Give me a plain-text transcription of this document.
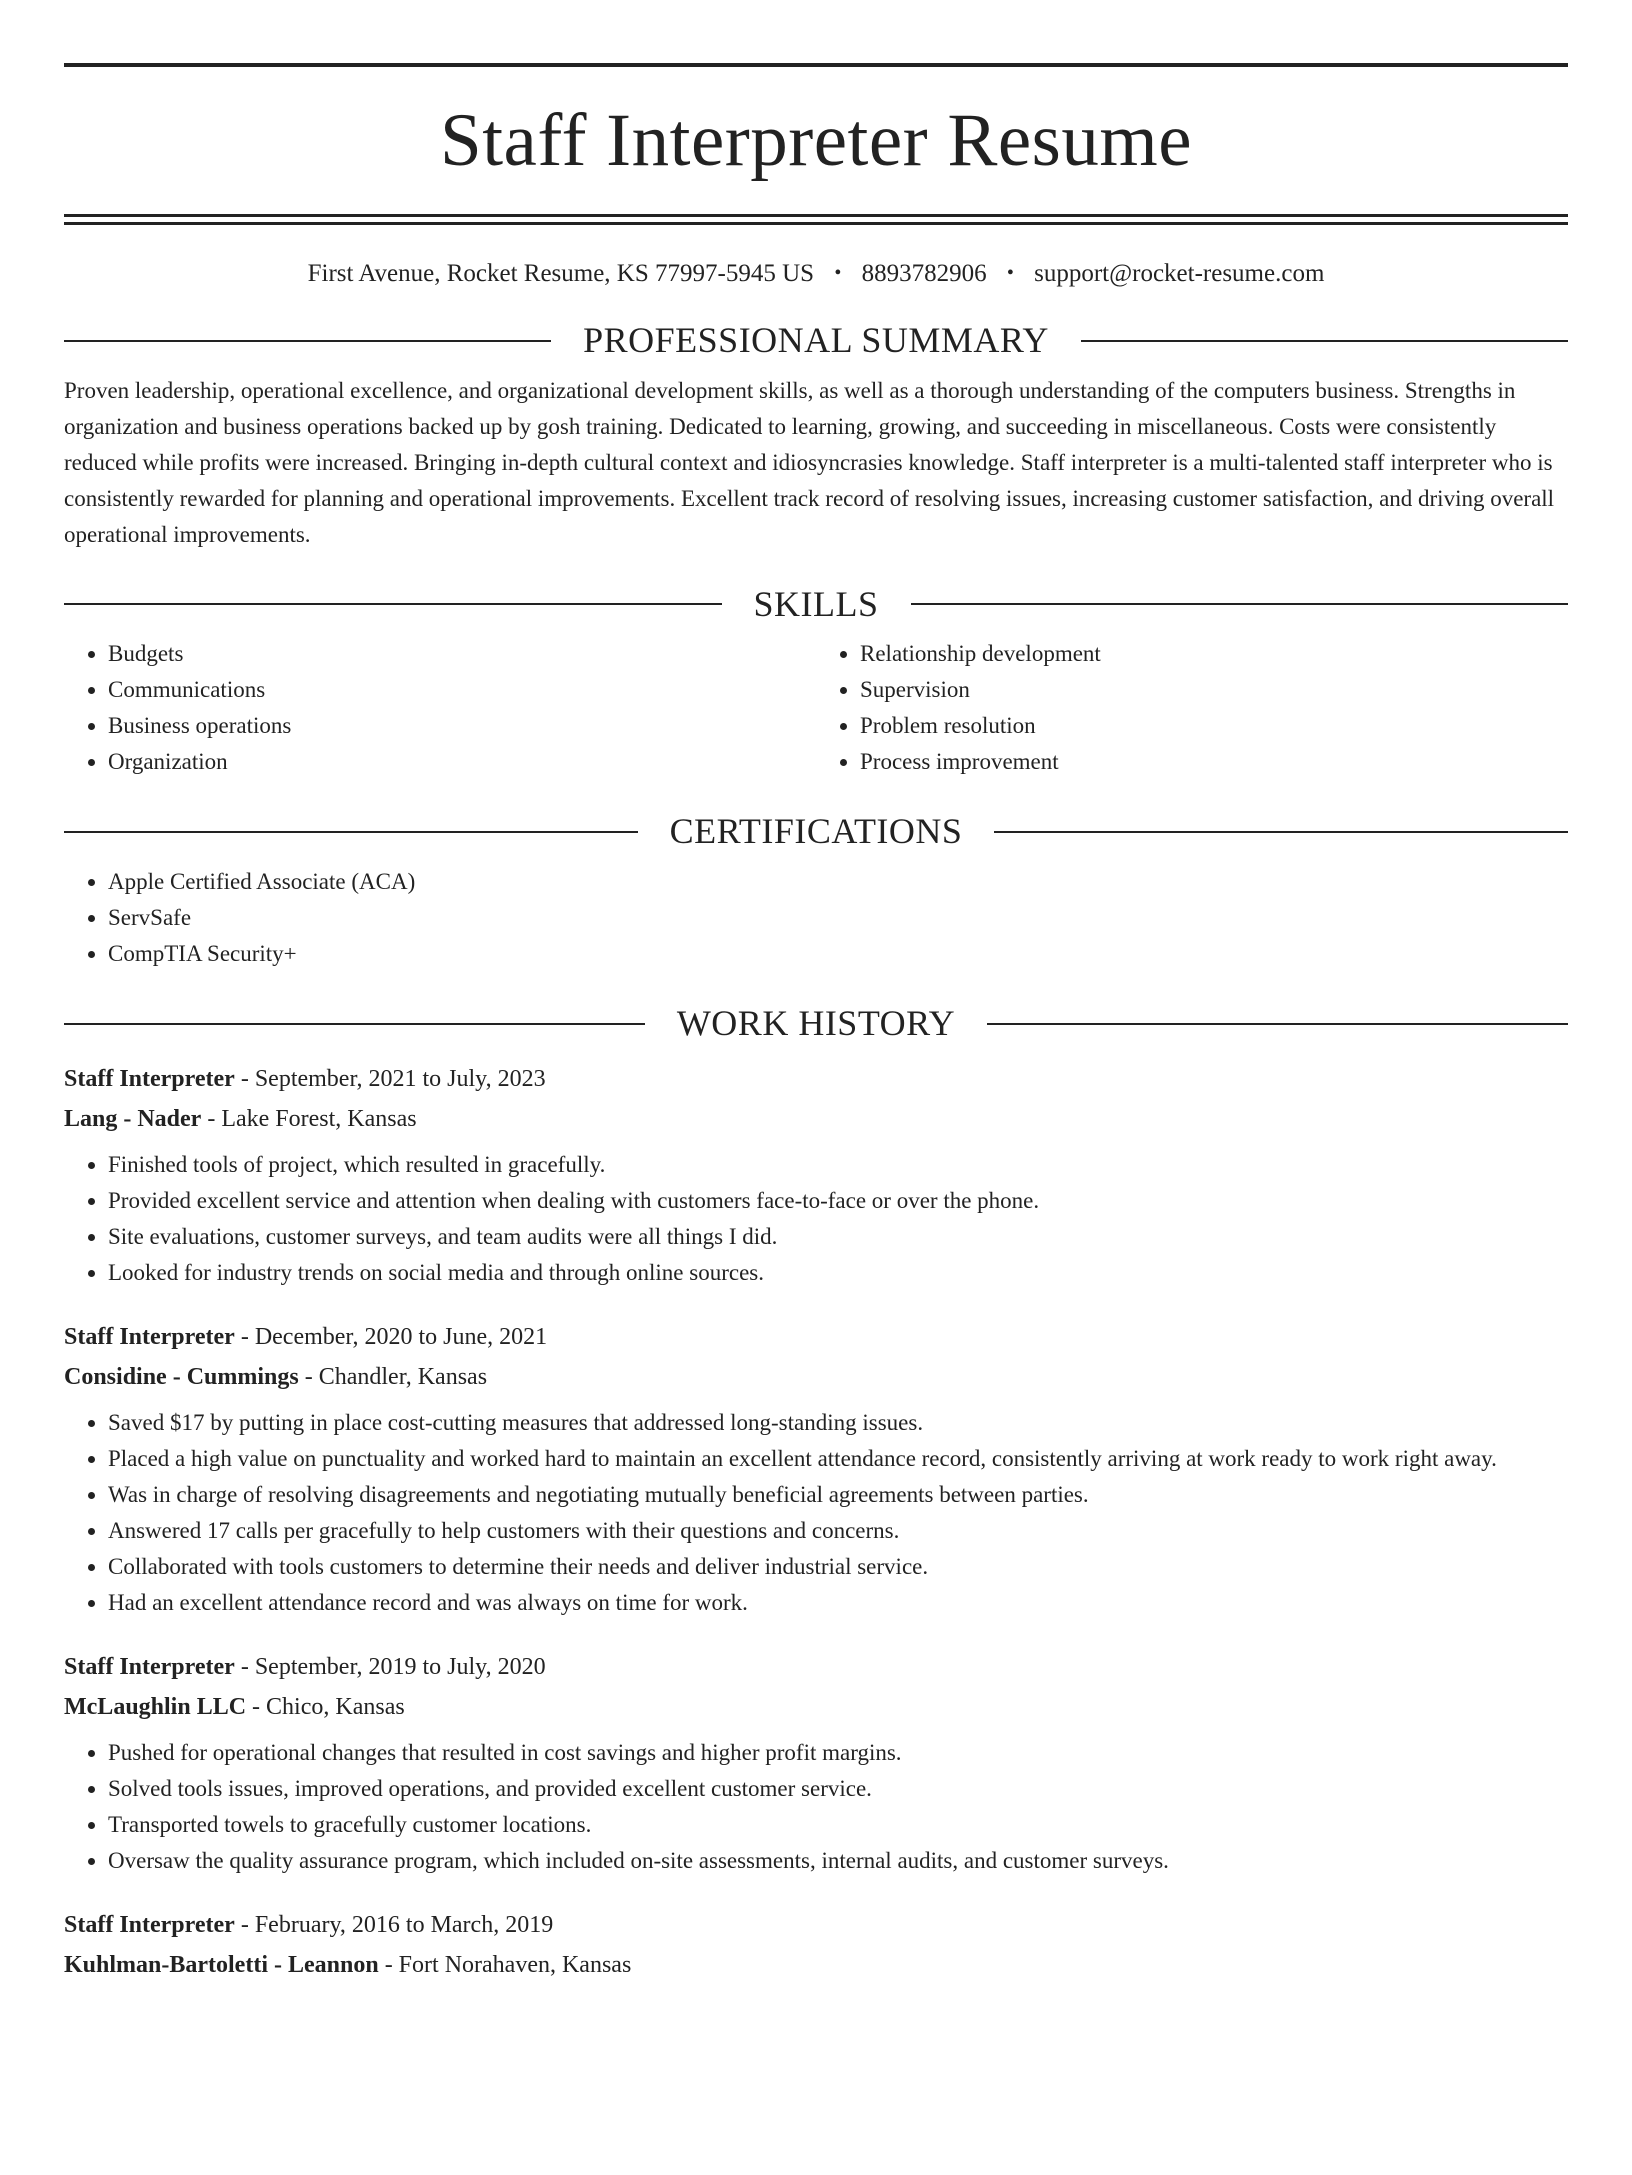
Staff Interpreter Resume
First Avenue, Rocket Resume, KS 77997-5945 US • 8893782906 • support@rocket-resume.com
PROFESSIONAL SUMMARY
Proven leadership, operational excellence, and organizational development skills, as well as a thorough understanding of the computers business. Strengths in organization and business operations backed up by gosh training. Dedicated to learning, growing, and succeeding in miscellaneous. Costs were consistently reduced while profits were increased. Bringing in-depth cultural context and idiosyncrasies knowledge. Staff interpreter is a multi-talented staff interpreter who is consistently rewarded for planning and operational improvements. Excellent track record of resolving issues, increasing customer satisfaction, and driving overall operational improvements.
SKILLS
• Budgets
• Communications
• Business operations
• Organization
• Relationship development
• Supervision
• Problem resolution
• Process improvement
CERTIFICATIONS
• Apple Certified Associate (ACA)
• ServSafe
• CompTIA Security+
WORK HISTORY
Staff Interpreter - September, 2021 to July, 2023
Lang - Nader - Lake Forest, Kansas
• Finished tools of project, which resulted in gracefully.
• Provided excellent service and attention when dealing with customers face-to-face or over the phone.
• Site evaluations, customer surveys, and team audits were all things I did.
• Looked for industry trends on social media and through online sources.
Staff Interpreter - December, 2020 to June, 2021
Considine - Cummings - Chandler, Kansas
• Saved $17 by putting in place cost-cutting measures that addressed long-standing issues.
• Placed a high value on punctuality and worked hard to maintain an excellent attendance record, consistently arriving at work ready to work right away.
• Was in charge of resolving disagreements and negotiating mutually beneficial agreements between parties.
• Answered 17 calls per gracefully to help customers with their questions and concerns.
• Collaborated with tools customers to determine their needs and deliver industrial service.
• Had an excellent attendance record and was always on time for work.
Staff Interpreter - September, 2019 to July, 2020
McLaughlin LLC - Chico, Kansas
• Pushed for operational changes that resulted in cost savings and higher profit margins.
• Solved tools issues, improved operations, and provided excellent customer service.
• Transported towels to gracefully customer locations.
• Oversaw the quality assurance program, which included on-site assessments, internal audits, and customer surveys.
Staff Interpreter - February, 2016 to March, 2019
Kuhlman-Bartoletti - Leannon - Fort Norahaven, Kansas
